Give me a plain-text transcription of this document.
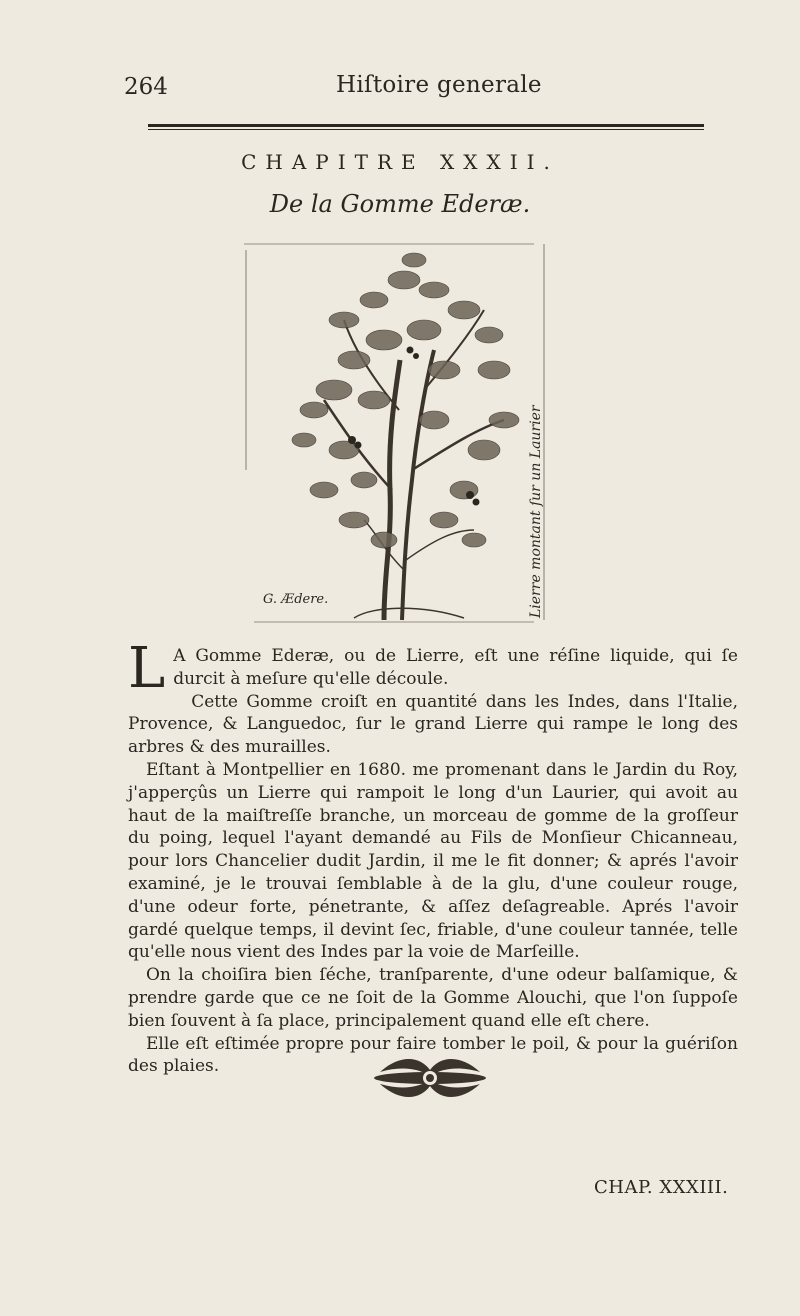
264	Hiſtoire generale
CHAPITRE XXXII.
De la Gomme Ederæ.
G. Ædere.	Lierre montant ſur un Laurier

L A Gomme Ederæ, ou de Lierre, eſt une réſine liquide, qui ſe durcit à meſure qu'elle découle.

Cette Gomme croiſt en quantité dans les Indes, dans l'Italie, Provence, & Languedoc, ſur le grand Lierre qui rampe le long des arbres & des murailles.

Eſtant à Montpellier en 1680. me promenant dans le Jardin du Roy, j'apperçûs un Lierre qui rampoit le long d'un Laurier, qui avoit au haut de la maiſtreſſe branche, un morceau de gomme de la groſſeur du poing, lequel l'ayant demandé au Fils de Monſieur Chicanneau, pour lors Chancelier dudit Jardin, il me le fit donner; & aprés l'avoir examiné, je le trouvai ſemblable à de la glu, d'une couleur rouge, d'une odeur forte, pénetrante, & aſſez deſagreable. Aprés l'avoir gardé quelque temps, il devint ſec, friable, d'une couleur tannée, telle qu'elle nous vient des Indes par la voie de Marſeille.

On la choiſira bien ſéche, tranſparente, d'une odeur balſamique, & prendre garde que ce ne ſoit de la Gomme Alouchi, que l'on ſuppoſe bien ſouvent à ſa place, principalement quand elle eſt chere.

Elle eſt eſtimée propre pour faire tomber le poil, & pour la guériſon des plaies.

CHAP. XXXIII.
